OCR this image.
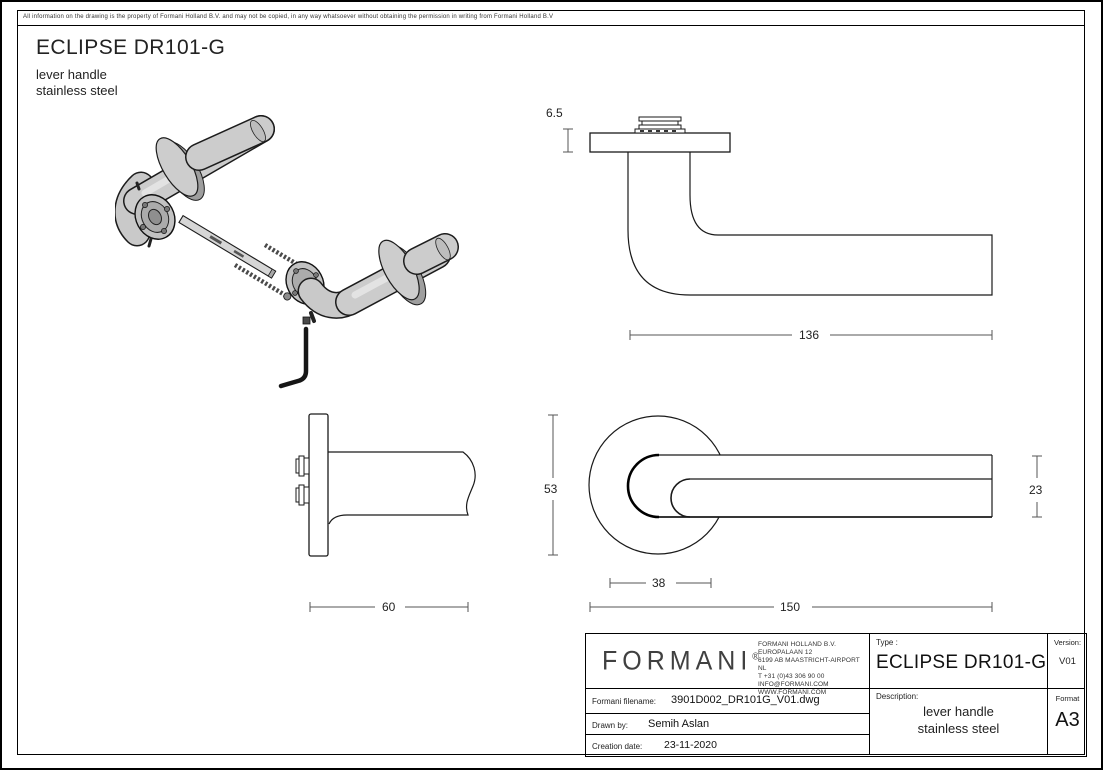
All information on the drawing is the property of Formani Holland B.V. and may not be copied, in any way whatsoever without obtaining the permission in writing from Formani Holland B.V
ECLIPSE DR101-G
lever handle
stainless steel
6.5
136
53	23
38
150
60
FORMANI®
FORMANI HOLLAND B.V.
EUROPALAAN 12
6199 AB MAASTRICHT-AIRPORT NL
T +31 (0)43 306 90 00
INFO@FORMANI.COM
WWW.FORMANI.COM
Type :
ECLIPSE DR101-G
Version:
V01
Formani filename: 3901D002_DR101G_V01.dwg
Drawn by: Semih Aslan
Creation date: 23-11-2020
Description:
lever handle
stainless steel
Format
A3
